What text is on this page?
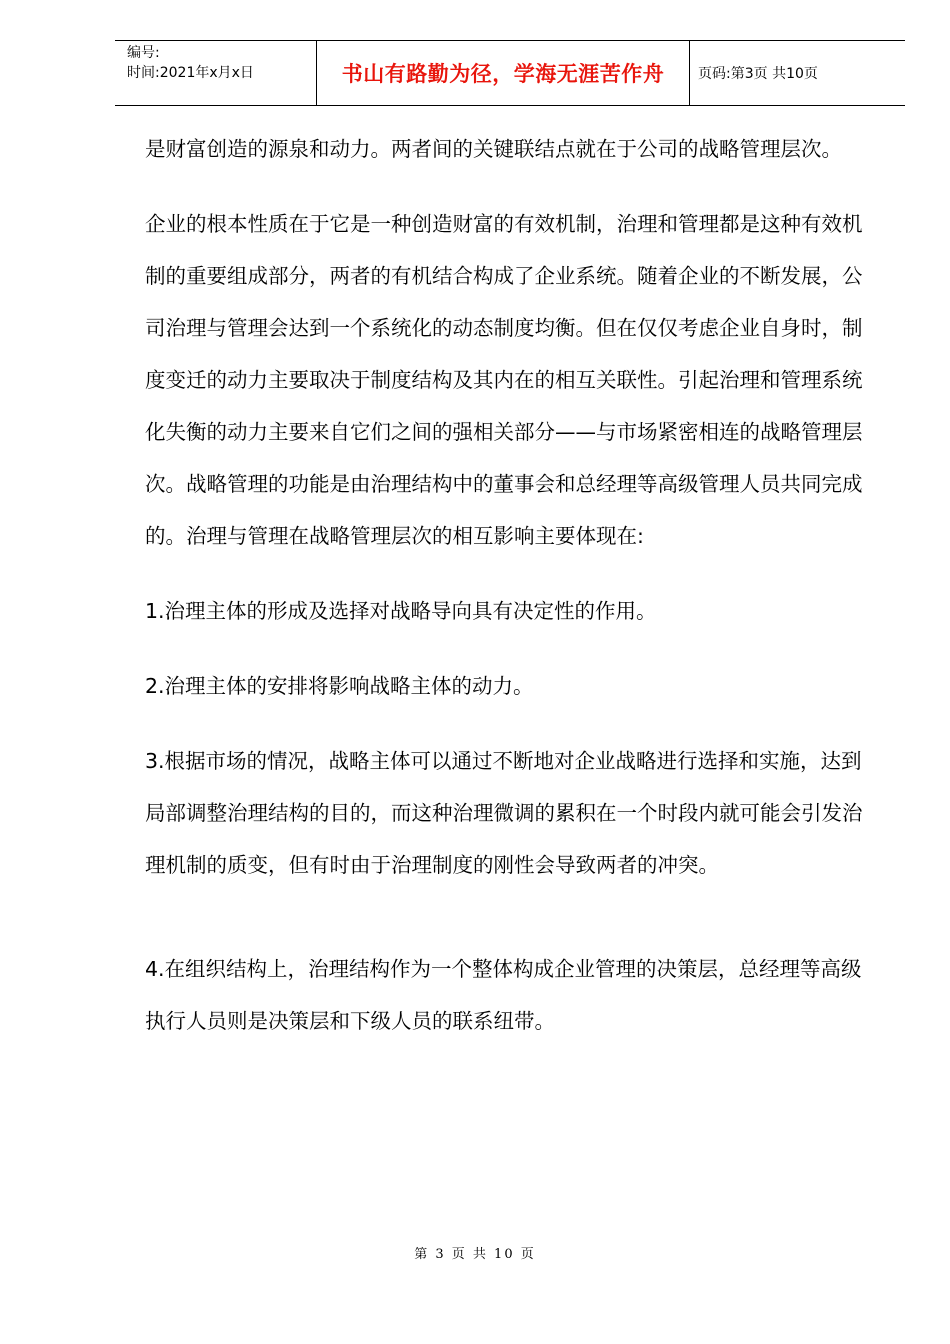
编号:
时间:2021年x月x日	书山有路勤为径，学海无涯苦作舟 页码:第3页 共10页

是财富创造的源泉和动力。两者间的关键联结点就在于公司的战略管理层次。

企业的根本性质在于它是一种创造财富的有效机制，治理和管理都是这种有效机制的重要组成部分，两者的有机结合构成了企业系统。随着企业的不断发展，公司治理与管理会达到一个系统化的动态制度均衡。但在仅仅考虑企业自身时，制度变迁的动力主要取决于制度结构及其内在的相互关联性。引起治理和管理系统化失衡的动力主要来自它们之间的强相关部分——与市场紧密相连的战略管理层次。战略管理的功能是由治理结构中的董事会和总经理等高级管理人员共同完成的。治理与管理在战略管理层次的相互影响主要体现在:

1.治理主体的形成及选择对战略导向具有决定性的作用。

2.治理主体的安排将影响战略主体的动力。

3.根据市场的情况，战略主体可以通过不断地对企业战略进行选择和实施，达到局部调整治理结构的目的，而这种治理微调的累积在一个时段内就可能会引发治理机制的质变，但有时由于治理制度的刚性会导致两者的冲突。

4.在组织结构上，治理结构作为一个整体构成企业管理的决策层，总经理等高级执行人员则是决策层和下级人员的联系纽带。

第 3 页 共 10 页
